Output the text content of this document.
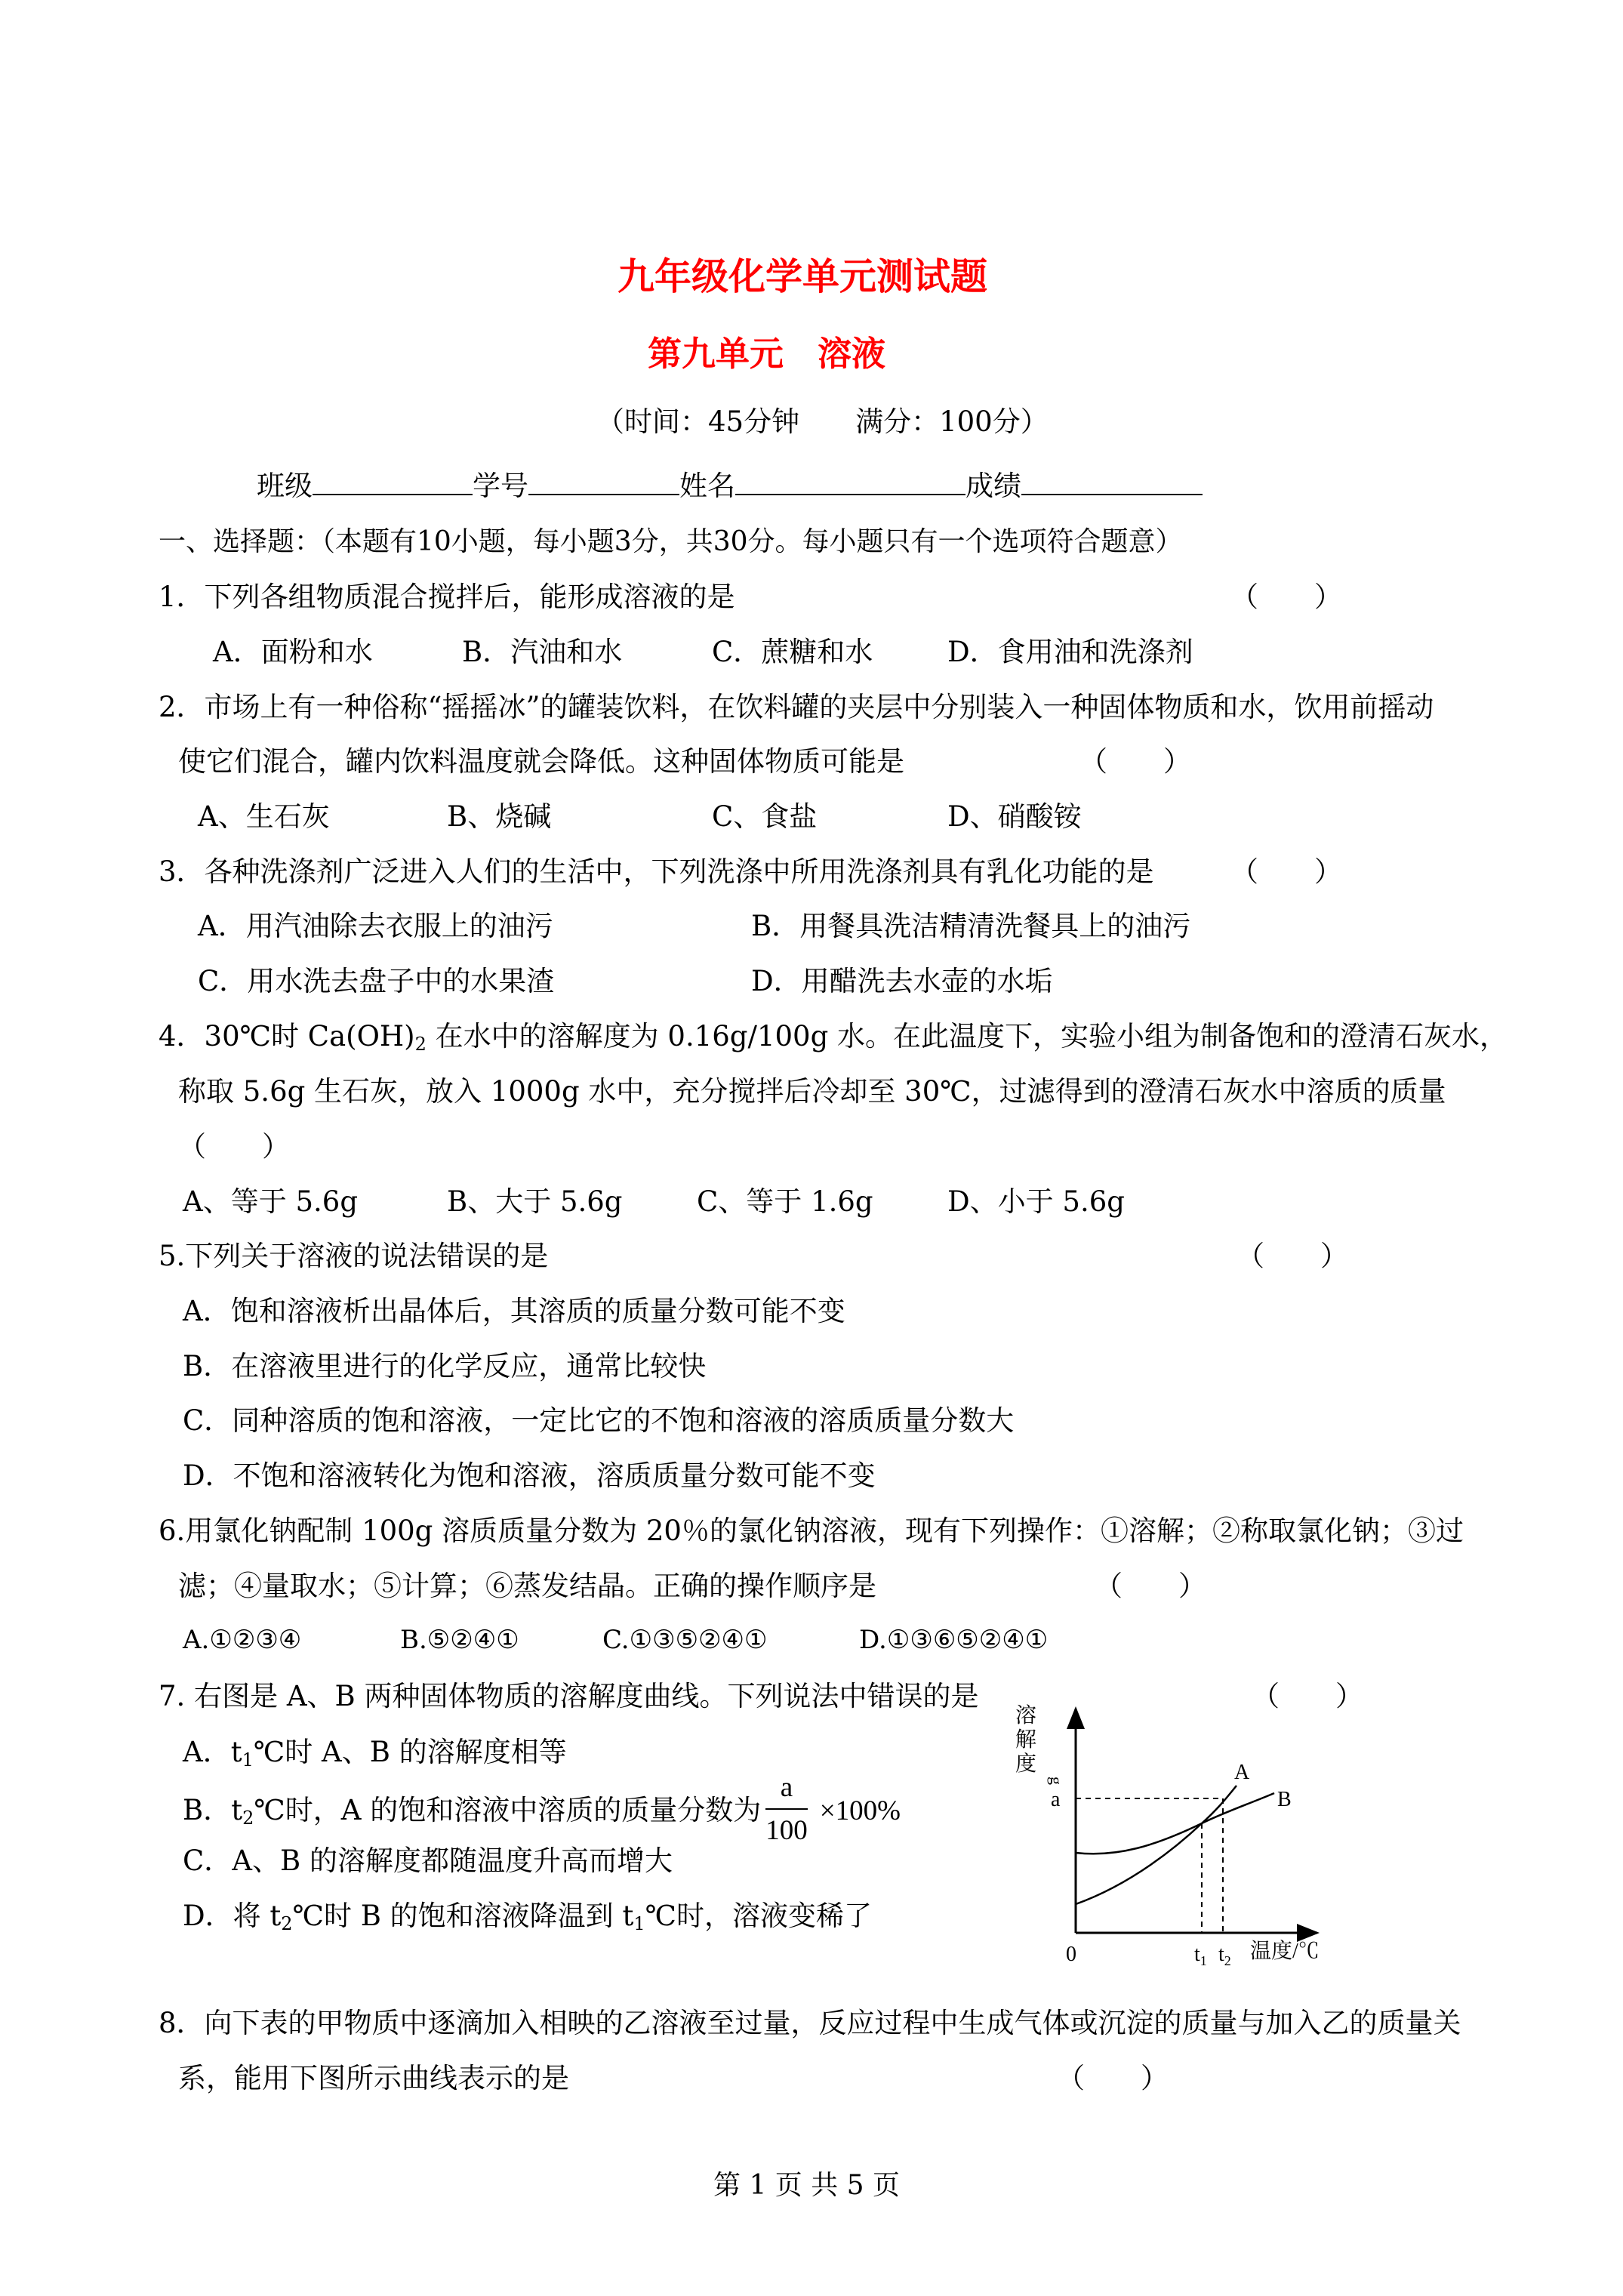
九年级化学单元测试题
第九单元　溶液
（时间：45分钟　　满分：100分）
班级	学号	姓名	成绩
一、选择题：（本题有10小题，每小题3分，共30分。每小题只有一个选项符合题意）
1．下列各组物质混合搅拌后，能形成溶液的是	（　　）
A．面粉和水	B．汽油和水	C．蔗糖和水	D．食用油和洗涤剂
2．市场上有一种俗称“摇摇冰”的罐装饮料，在饮料罐的夹层中分别装入一种固体物质和水，饮用前摇动
使它们混合，罐内饮料温度就会降低。这种固体物质可能是	（　　）
A、生石灰	B、烧碱	C、食盐	D、硝酸铵
3．各种洗涤剂广泛进入人们的生活中，下列洗涤中所用洗涤剂具有乳化功能的是	（　　）
A．用汽油除去衣服上的油污	B．用餐具洗洁精清洗餐具上的油污
C．用水洗去盘子中的水果渣	D．用醋洗去水壶的水垢
4．30℃时 $Ca(OH)_2$ 在水中的溶解度为 0.16g/100g 水。在此温度下，实验小组为制备饱和的澄清石灰水，
称取 5.6g 生石灰，放入 1000g 水中，充分搅拌后冷却至 30℃，过滤得到的澄清石灰水中溶质的质量
（　　）
A、等于 5.6g	B、大于 5.6g	C、等于 1.6g	D、小于 5.6g
5.下列关于溶液的说法错误的是	（　　）
A．饱和溶液析出晶体后，其溶质的质量分数可能不变
B．在溶液里进行的化学反应，通常比较快
C．同种溶质的饱和溶液，一定比它的不饱和溶液的溶质质量分数大
D．不饱和溶液转化为饱和溶液，溶质质量分数可能不变
6.用氯化钠配制 100g 溶质质量分数为 20％的氯化钠溶液，现有下列操作：①溶解；②称取氯化钠；③过
滤；④量取水；⑤计算；⑥蒸发结晶。正确的操作顺序是	（　　）
A.①②③④	B.⑤②④①	C.①③⑤②④①	D.①③⑥⑤②④①
7. 右图是 A、B 两种固体物质的溶解度曲线。下列说法中错误的是	（　　）
A．$t_1℃$时 A、B 的溶解度相等
B．$t_2℃$时，A 的饱和溶液中溶质的质量分数为 $\frac{a}{100} \times 100\%$
C．A、B 的溶解度都随温度升高而增大
D．将 $t_2℃$时 B 的饱和溶液降温到 $t_1℃$时，溶液变稀了
溶
解
度
g	A
B
a
0	$t_1$ $t_2$ 温度/℃
8．向下表的甲物质中逐滴加入相映的乙溶液至过量，反应过程中生成气体或沉淀的质量与加入乙的质量关
系，能用下图所示曲线表示的是	（　　）
第 1 页 共 5 页
